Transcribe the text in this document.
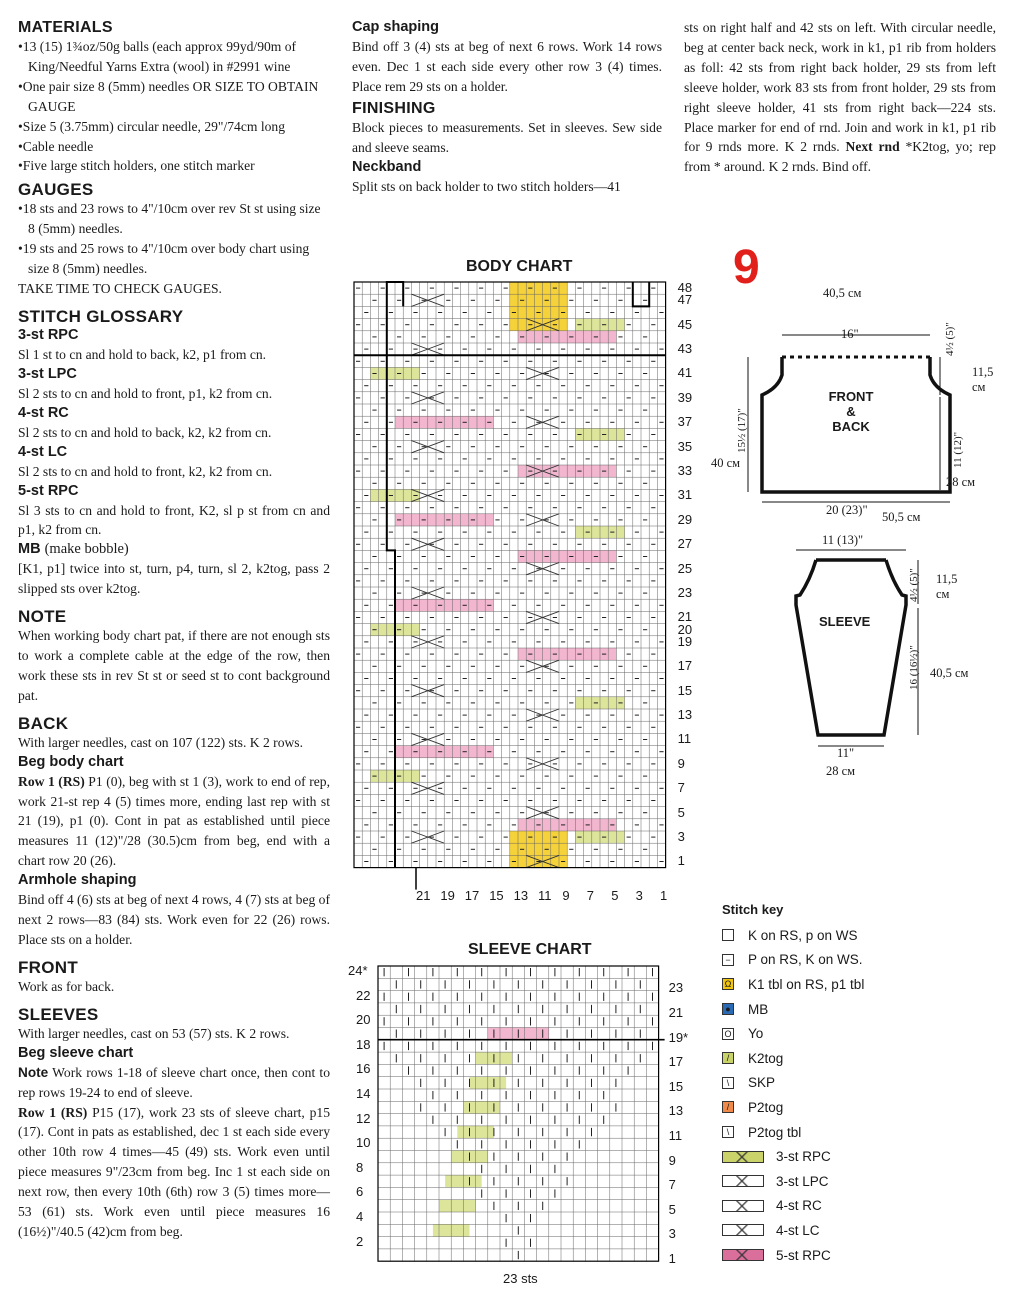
MATERIALS

• 13 (15) 1¾oz/50g balls (each approx 99yd/90m of King/Needful Yarns Extra (wool) in #2991 wine
• One pair size 8 (5mm) needles OR SIZE TO OBTAIN GAUGE
• Size 5 (3.75mm) circular needle, 29"/74cm long
• Cable needle
• Five large stitch holders, one stitch marker

GAUGES

• 18 sts and 23 rows to 4"/10cm over rev St st using size 8 (5mm) needles.
• 19 sts and 25 rows to 4"/10cm over body chart using size 8 (5mm) needles.

TAKE TIME TO CHECK GAUGES.

STITCH GLOSSARY

3-st RPC

Sl 1 st to cn and hold to back, k2, p1 from cn.

3-st LPC

Sl 2 sts to cn and hold to front, p1, k2 from cn.

4-st RC

Sl 2 sts to cn and hold to back, k2, k2 from cn.

4-st LC

Sl 2 sts to cn and hold to front, k2, k2 from cn.

5-st RPC

Sl 3 sts to cn and hold to front, K2, sl p st from cn and p1, k2 from cn.

MB (make bobble)

[K1, p1] twice into st, turn, p4, turn, sl 2, k2tog, pass 2 slipped sts over k2tog.

NOTE

When working body chart pat, if there are not enough sts to work a complete cable at the edge of the row, then work these sts in rev St st or seed st to cont background pat.

BACK

With larger needles, cast on 107 (122) sts. K 2 rows.

Beg body chart

Row 1 (RS) P1 (0), beg with st 1 (3), work to end of rep, work 21-st rep 4 (5) times more, ending last rep with st 21 (19), p1 (0). Cont in pat as established until piece measures 11 (12)"/28 (30.5)cm from beg, end with a chart row 20 (26).

Armhole shaping

Bind off 4 (6) sts at beg of next 4 rows, 4 (7) sts at beg of next 2 rows—83 (84) sts. Work even for 22 (26) rows. Place sts on a holder.

FRONT

Work as for back.

SLEEVES

With larger needles, cast on 53 (57) sts. K 2 rows.

Beg sleeve chart

Note Work rows 1-18 of sleeve chart once, then cont to rep rows 19-24 to end of sleeve.

Row 1 (RS) P15 (17), work 23 sts of sleeve chart, p15 (17). Cont in pats as established, dec 1 st each side every other 10th row 4 times—45 (49) sts. Work even until piece measures 9"/23cm from beg. Inc 1 st each side on next row, then every 10th (6th) row 3 (5) times more—53 (61) sts. Work even until piece measures 16 (16½)"/40.5 (42)cm from beg.

Cap shaping

Bind off 3 (4) sts at beg of next 6 rows. Work 14 rows even. Dec 1 st each side every other row 3 (4) times. Place rem 29 sts on a holder.

FINISHING

Block pieces to measurements. Set in sleeves. Sew side and sleeve seams.

Neckband

Split sts on back holder to two stitch holders—41

sts on right half and 42 sts on left. With circular needle, beg at center back neck, work in k1, p1 rib from holders as foll: 42 sts from right back holder, 29 sts from left sleeve holder, work 83 sts from front holder, 29 sts from right sleeve holder, 41 sts from right back—224 sts. Place marker for end of rnd. Join and work in k1, p1 rib for 9 rnds more. K 2 rnds. Next rnd *K2tog, yo; rep from * around. K 2 rnds. Bind off.

9
BODY CHART
48
47
45
43
41
39
37
35
33
31
29
27
25
23
21
20
19
17
15
13
11
9
7
5
3
1
21 19 17 15 13 11 9 7 5 3 1
SLEEVE CHART
24*
22
20
18
16
14
12
10
8
6
4
2
23
21
19*
17
15
13
11
9
7
5
3
1
23 sts
16"
40,5 см
FRONT
& BACK
4½ (5)"
11,5
см
11 (12)"
28 см
15½ (17)"
40 см
20 (23)" 50,5 см
11 (13)"
SLEEVE
4½ (5)" 11,5
см
16 (16½)" 40,5 см
11"
28 см
Stitch key
K on RS, p on WS
− P on RS, K on WS.
Ω K1 tbl on RS, p1 tbl
● MB
O Yo
/	K2tog
\	SKP
/	P2tog
\	P2tog tbl
3-st RPC
3-st LPC
4-st RC
4-st LC
5-st RPC
